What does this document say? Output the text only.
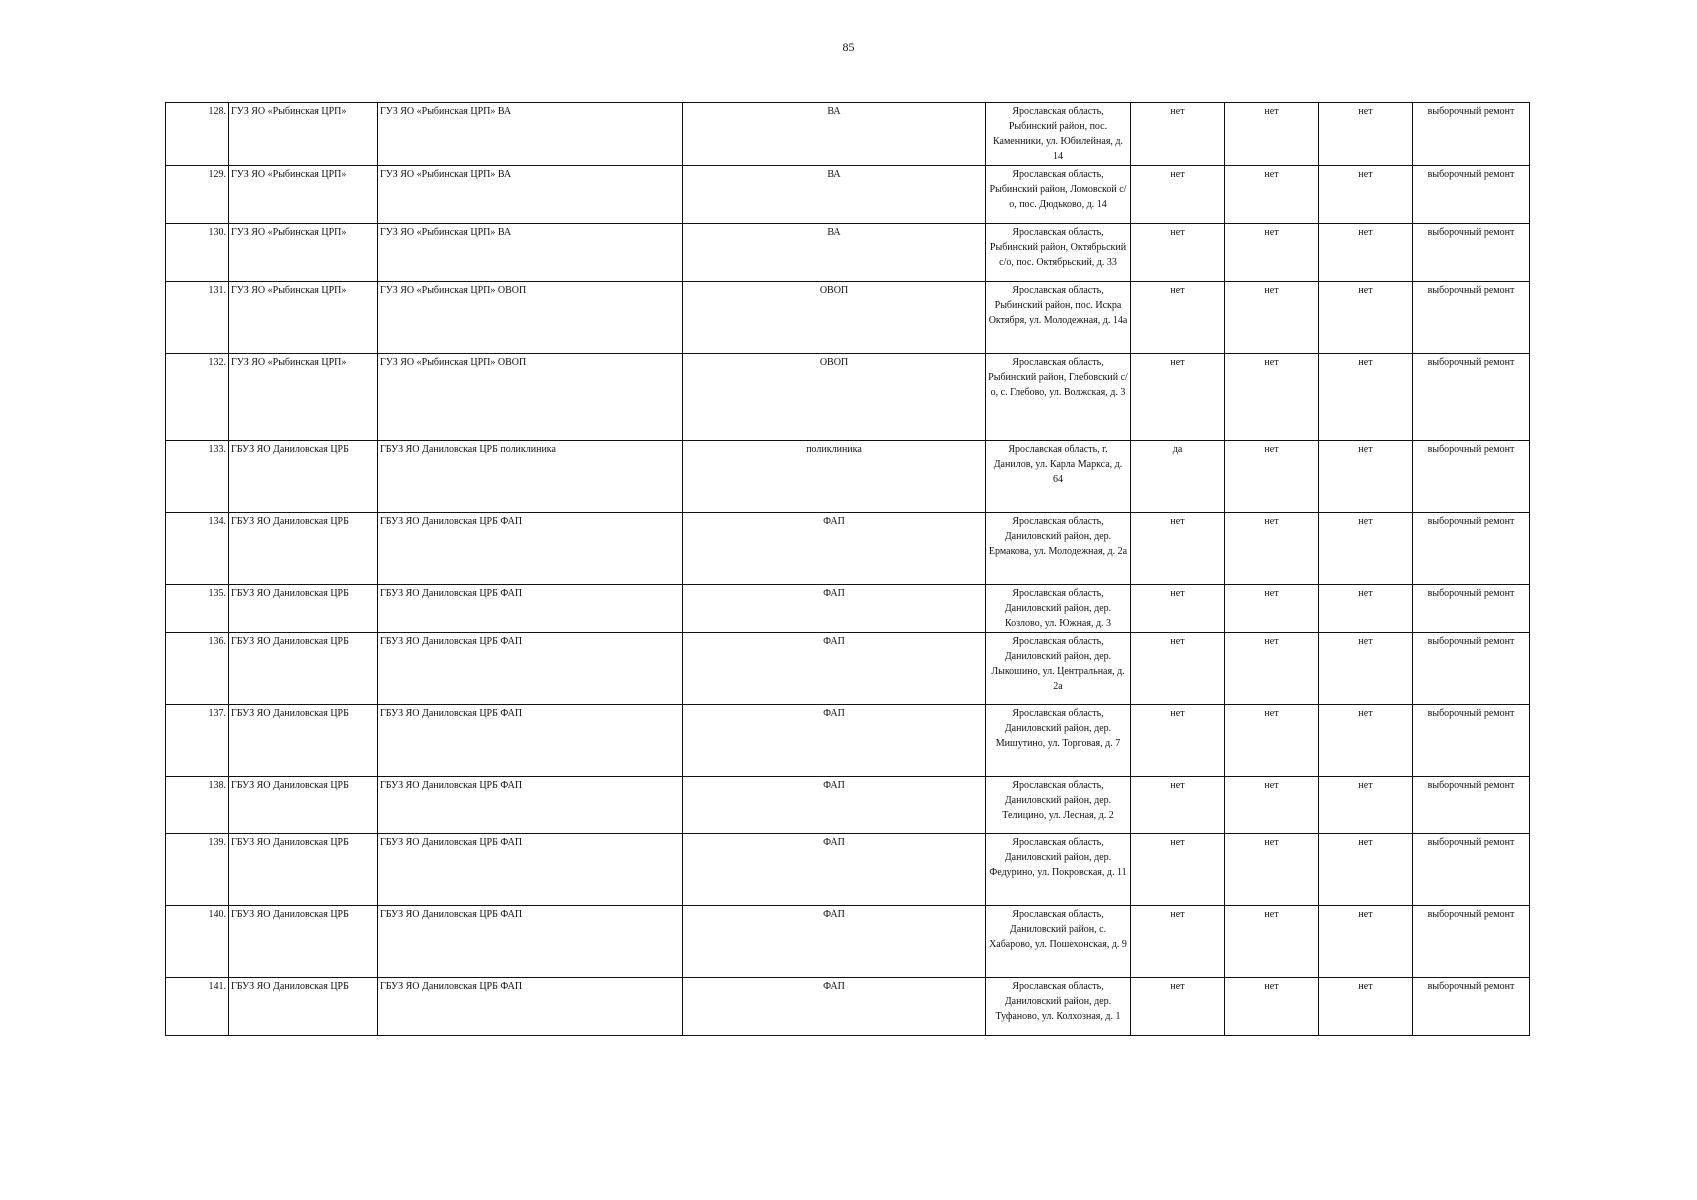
85
128.	ГУЗ ЯО «Рыбинская ЦРП»	ГУЗ ЯО «Рыбинская ЦРП» ВА	ВА	Ярославская область, Рыбинский район, пос. Каменники, ул. Юбилейная, д. 14	нет	нет	нет	выборочный ремонт
129.	ГУЗ ЯО «Рыбинская ЦРП»	ГУЗ ЯО «Рыбинская ЦРП» ВА	ВА	Ярославская область, Рыбинский район, Ломовской с/о, пос. Дюдьково, д. 14	нет	нет	нет	выборочный ремонт
130.	ГУЗ ЯО «Рыбинская ЦРП»	ГУЗ ЯО «Рыбинская ЦРП» ВА	ВА	Ярославская область, Рыбинский район, Октябрьский с/о, пос. Октябрьский, д. 33	нет	нет	нет	выборочный ремонт
131.	ГУЗ ЯО «Рыбинская ЦРП»	ГУЗ ЯО «Рыбинская ЦРП» ОВОП	ОВОП	Ярославская область, Рыбинский район, пос. Искра Октября, ул. Молодежная, д. 14а	нет	нет	нет	выборочный ремонт
132.	ГУЗ ЯО «Рыбинская ЦРП»	ГУЗ ЯО «Рыбинская ЦРП» ОВОП	ОВОП	Ярославская область, Рыбинский район, Глебовский с/о, с. Глебово, ул. Волжская, д. 3	нет	нет	нет	выборочный ремонт
133.	ГБУЗ ЯО Даниловская ЦРБ	ГБУЗ ЯО Даниловская ЦРБ поликлиника	поликлиника	Ярославская область, г. Данилов, ул. Карла Маркса, д. 64	да	нет	нет	выборочный ремонт
134.	ГБУЗ ЯО Даниловская ЦРБ	ГБУЗ ЯО Даниловская ЦРБ ФАП	ФАП	Ярославская область, Даниловский район, дер. Ермакова, ул. Молодежная, д. 2а	нет	нет	нет	выборочный ремонт
135.	ГБУЗ ЯО Даниловская ЦРБ	ГБУЗ ЯО Даниловская ЦРБ ФАП	ФАП	Ярославская область, Даниловский район, дер. Козлово, ул. Южная, д. 3	нет	нет	нет	выборочный ремонт
136.	ГБУЗ ЯО Даниловская ЦРБ	ГБУЗ ЯО Даниловская ЦРБ ФАП	ФАП	Ярославская область, Даниловский район, дер. Лыкошино, ул. Центральная, д. 2а	нет	нет	нет	выборочный ремонт
137.	ГБУЗ ЯО Даниловская ЦРБ	ГБУЗ ЯО Даниловская ЦРБ ФАП	ФАП	Ярославская область, Даниловский район, дер. Мишутино, ул. Торговая, д. 7	нет	нет	нет	выборочный ремонт
138.	ГБУЗ ЯО Даниловская ЦРБ	ГБУЗ ЯО Даниловская ЦРБ ФАП	ФАП	Ярославская область, Даниловский район, дер. Телицино, ул. Лесная, д. 2	нет	нет	нет	выборочный ремонт
139.	ГБУЗ ЯО Даниловская ЦРБ	ГБУЗ ЯО Даниловская ЦРБ ФАП	ФАП	Ярославская область, Даниловский район, дер. Федурино, ул. Покровская, д. 11	нет	нет	нет	выборочный ремонт
140.	ГБУЗ ЯО Даниловская ЦРБ	ГБУЗ ЯО Даниловская ЦРБ ФАП	ФАП	Ярославская область, Даниловский район, с. Хабарово, ул. Пошехонская, д. 9	нет	нет	нет	выборочный ремонт
141.	ГБУЗ ЯО Даниловская ЦРБ	ГБУЗ ЯО Даниловская ЦРБ ФАП	ФАП	Ярославская область, Даниловский район, дер. Туфаново, ул. Колхозная, д. 1	нет	нет	нет	выборочный ремонт
